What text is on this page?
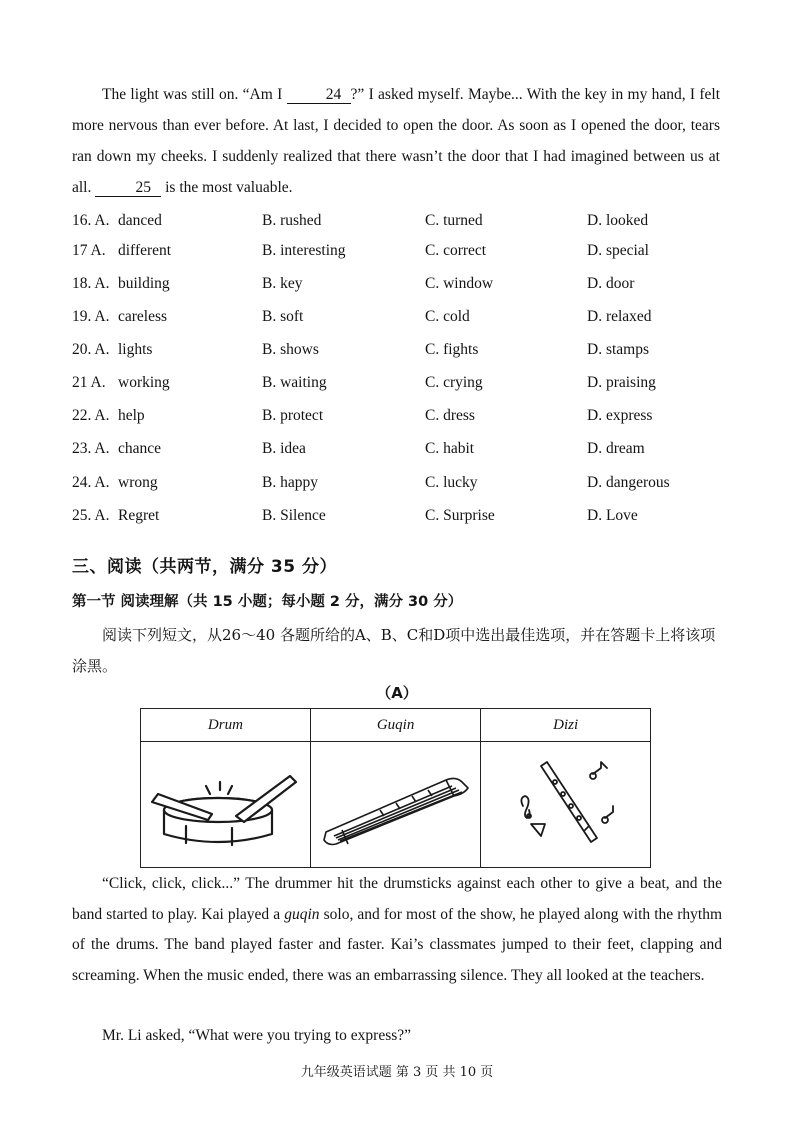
The light was still on. “Am I	24 ?” I asked myself. Maybe... With the key in my hand, I felt more nervous than ever before. At last, I decided to open the door. As soon as I opened the door, tears ran down my cheeks. I suddenly realized that there wasn’t the door that I had imagined between us at all.	25 is the most valuable.

16. A. danced	B. rushed	C. turned	D. looked
17 A. different	B. interesting	C. correct	D. special
18. A. building	B. key	C. window	D. door
19. A. careless	B. soft	C. cold	D. relaxed
20. A. lights	B. shows	C. fights	D. stamps
21 A. working	B. waiting	C. crying	D. praising
22. A. help	B. protect	C. dress	D. express
23. A. chance	B. idea	C. habit	D. dream
24. A. wrong	B. happy	C. lucky	D. dangerous
25. A. Regret	B. Silence	C. Surprise	D. Love
三、阅读（共两节，满分 35 分）
第一节 阅读理解（共 15 小题；每小题 2 分，满分 30 分）

阅读下列短文，从26～40 各题所给的A、B、C和D项中选出最佳选项，并在答题卡上将该项涂黑。

（A）
Drum	Guqin	Dizi

“Click, click, click...” The drummer hit the drumsticks against each other to give a beat, and the band started to play. Kai played a guqin solo, and for most of the show, he played along with the rhythm of the drums. The band played faster and faster. Kai’s classmates jumped to their feet, clapping and screaming. When the music ended, there was an embarrassing silence. They all looked at the teachers.

Mr. Li asked, “What were you trying to express?”

九年级英语试题 第 3 页 共 10 页
